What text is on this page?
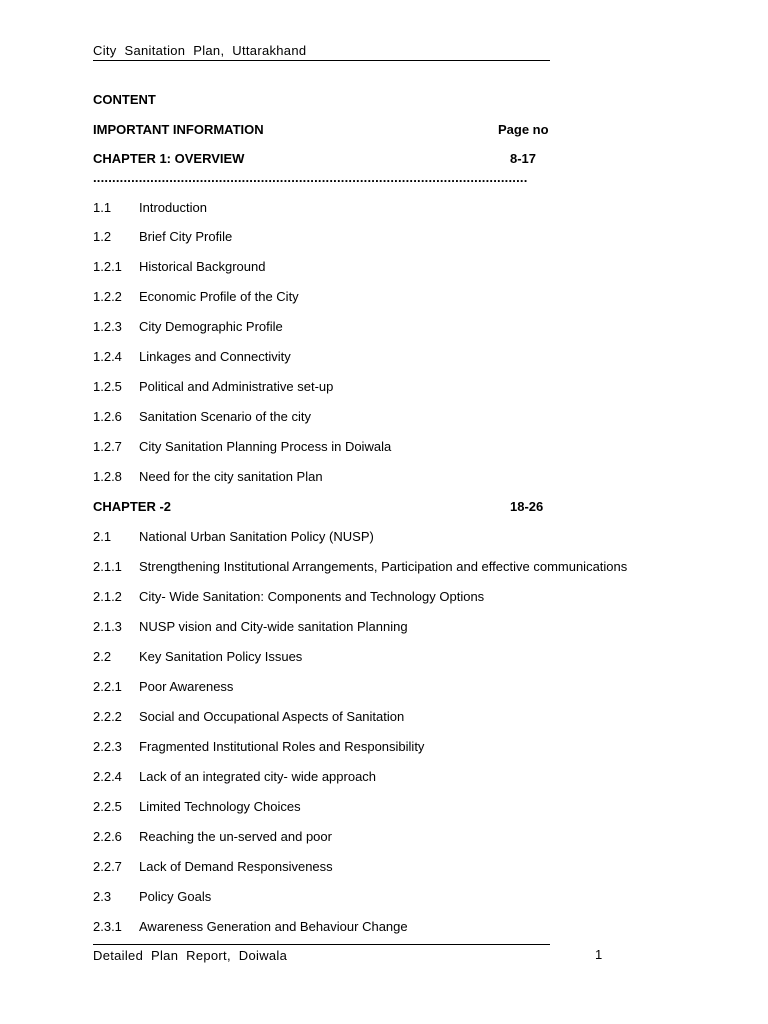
City Sanitation Plan, Uttarakhand
CONTENT
IMPORTANT INFORMATION	Page no
CHAPTER 1: OVERVIEW	8-17
..................................................................................................................
1.1 Introduction
1.2 Brief City Profile
1.2.1 Historical Background
1.2.2 Economic Profile of the City
1.2.3 City Demographic Profile
1.2.4 Linkages and Connectivity
1.2.5 Political and Administrative set-up
1.2.6 Sanitation Scenario of the city
1.2.7 City Sanitation Planning Process in Doiwala
1.2.8 Need for the city sanitation Plan
CHAPTER -2	18-26
2.1 National Urban Sanitation Policy (NUSP)
2.1.1 Strengthening Institutional Arrangements, Participation and effective communications
2.1.2 City- Wide Sanitation: Components and Technology Options
2.1.3 NUSP vision and City-wide sanitation Planning
2.2 Key Sanitation Policy Issues
2.2.1 Poor Awareness
2.2.2 Social and Occupational Aspects of Sanitation
2.2.3 Fragmented Institutional Roles and Responsibility
2.2.4 Lack of an integrated city- wide approach
2.2.5 Limited Technology Choices
2.2.6 Reaching the un-served and poor
2.2.7 Lack of Demand Responsiveness
2.3 Policy Goals
2.3.1 Awareness Generation and Behaviour Change
Detailed Plan Report, Doiwala	1
